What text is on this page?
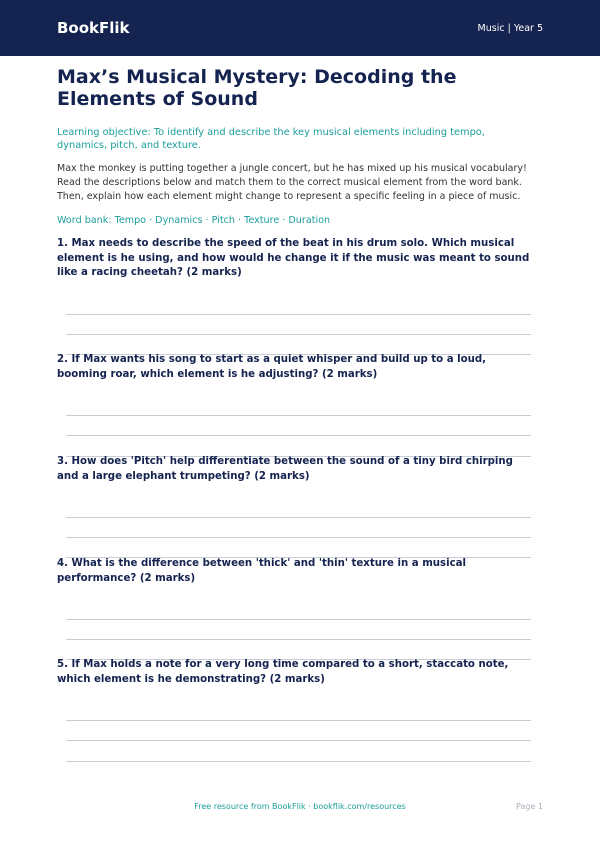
BookFlik	Music | Year 5
Max’s Musical Mystery: Decoding the Elements of Sound

Learning objective: To identify and describe the key musical elements including tempo, dynamics, pitch, and texture.

Max the monkey is putting together a jungle concert, but he has mixed up his musical vocabulary! Read the descriptions below and match them to the correct musical element from the word bank. Then, explain how each element might change to represent a specific feeling in a piece of music.

Word bank: Tempo · Dynamics · Pitch · Texture · Duration

1. Max needs to describe the speed of the beat in his drum solo. Which musical element is he using, and how would he change it if the music was meant to sound like a racing cheetah? (2 marks)
2. If Max wants his song to start as a quiet whisper and build up to a loud, booming roar, which element is he adjusting? (2 marks)
3. How does 'Pitch' help differentiate between the sound of a tiny bird chirping and a large elephant trumpeting? (2 marks)
4. What is the difference between 'thick' and 'thin' texture in a musical performance? (2 marks)
5. If Max holds a note for a very long time compared to a short, staccato note, which element is he demonstrating? (2 marks)
Free resource from BookFlik · bookflik.com/resources	Page 1
